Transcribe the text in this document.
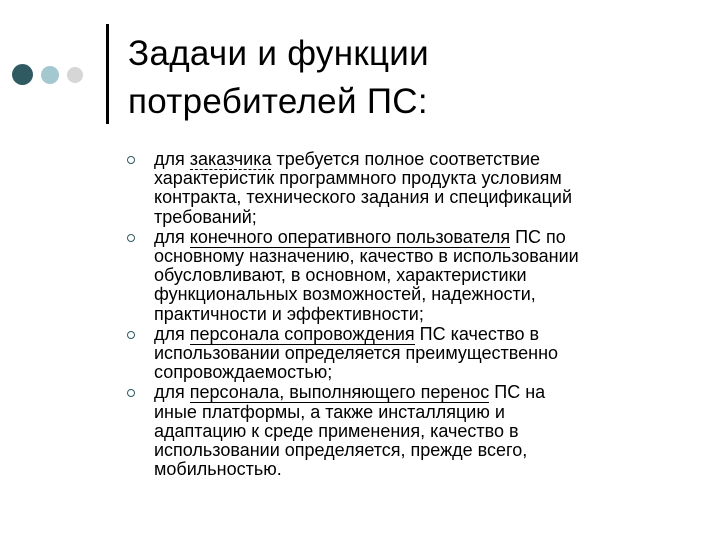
Задачи и функции
потребителей ПС:
для заказчика требуется полное соответствие
характеристик программного продукта условиям
контракта, технического задания и спецификаций
требований;
для конечного оперативного пользователя ПС по
основному назначению, качество в использовании
обусловливают, в основном, характеристики
функциональных возможностей, надежности,
практичности и эффективности;
для персонала сопровождения ПС качество в
использовании определяется преимущественно
сопровождаемостью;
для персонала, выполняющего перенос ПС на
иные платформы, а также инсталляцию и
адаптацию к среде применения, качество в
использовании определяется, прежде всего,
мобильностью.
